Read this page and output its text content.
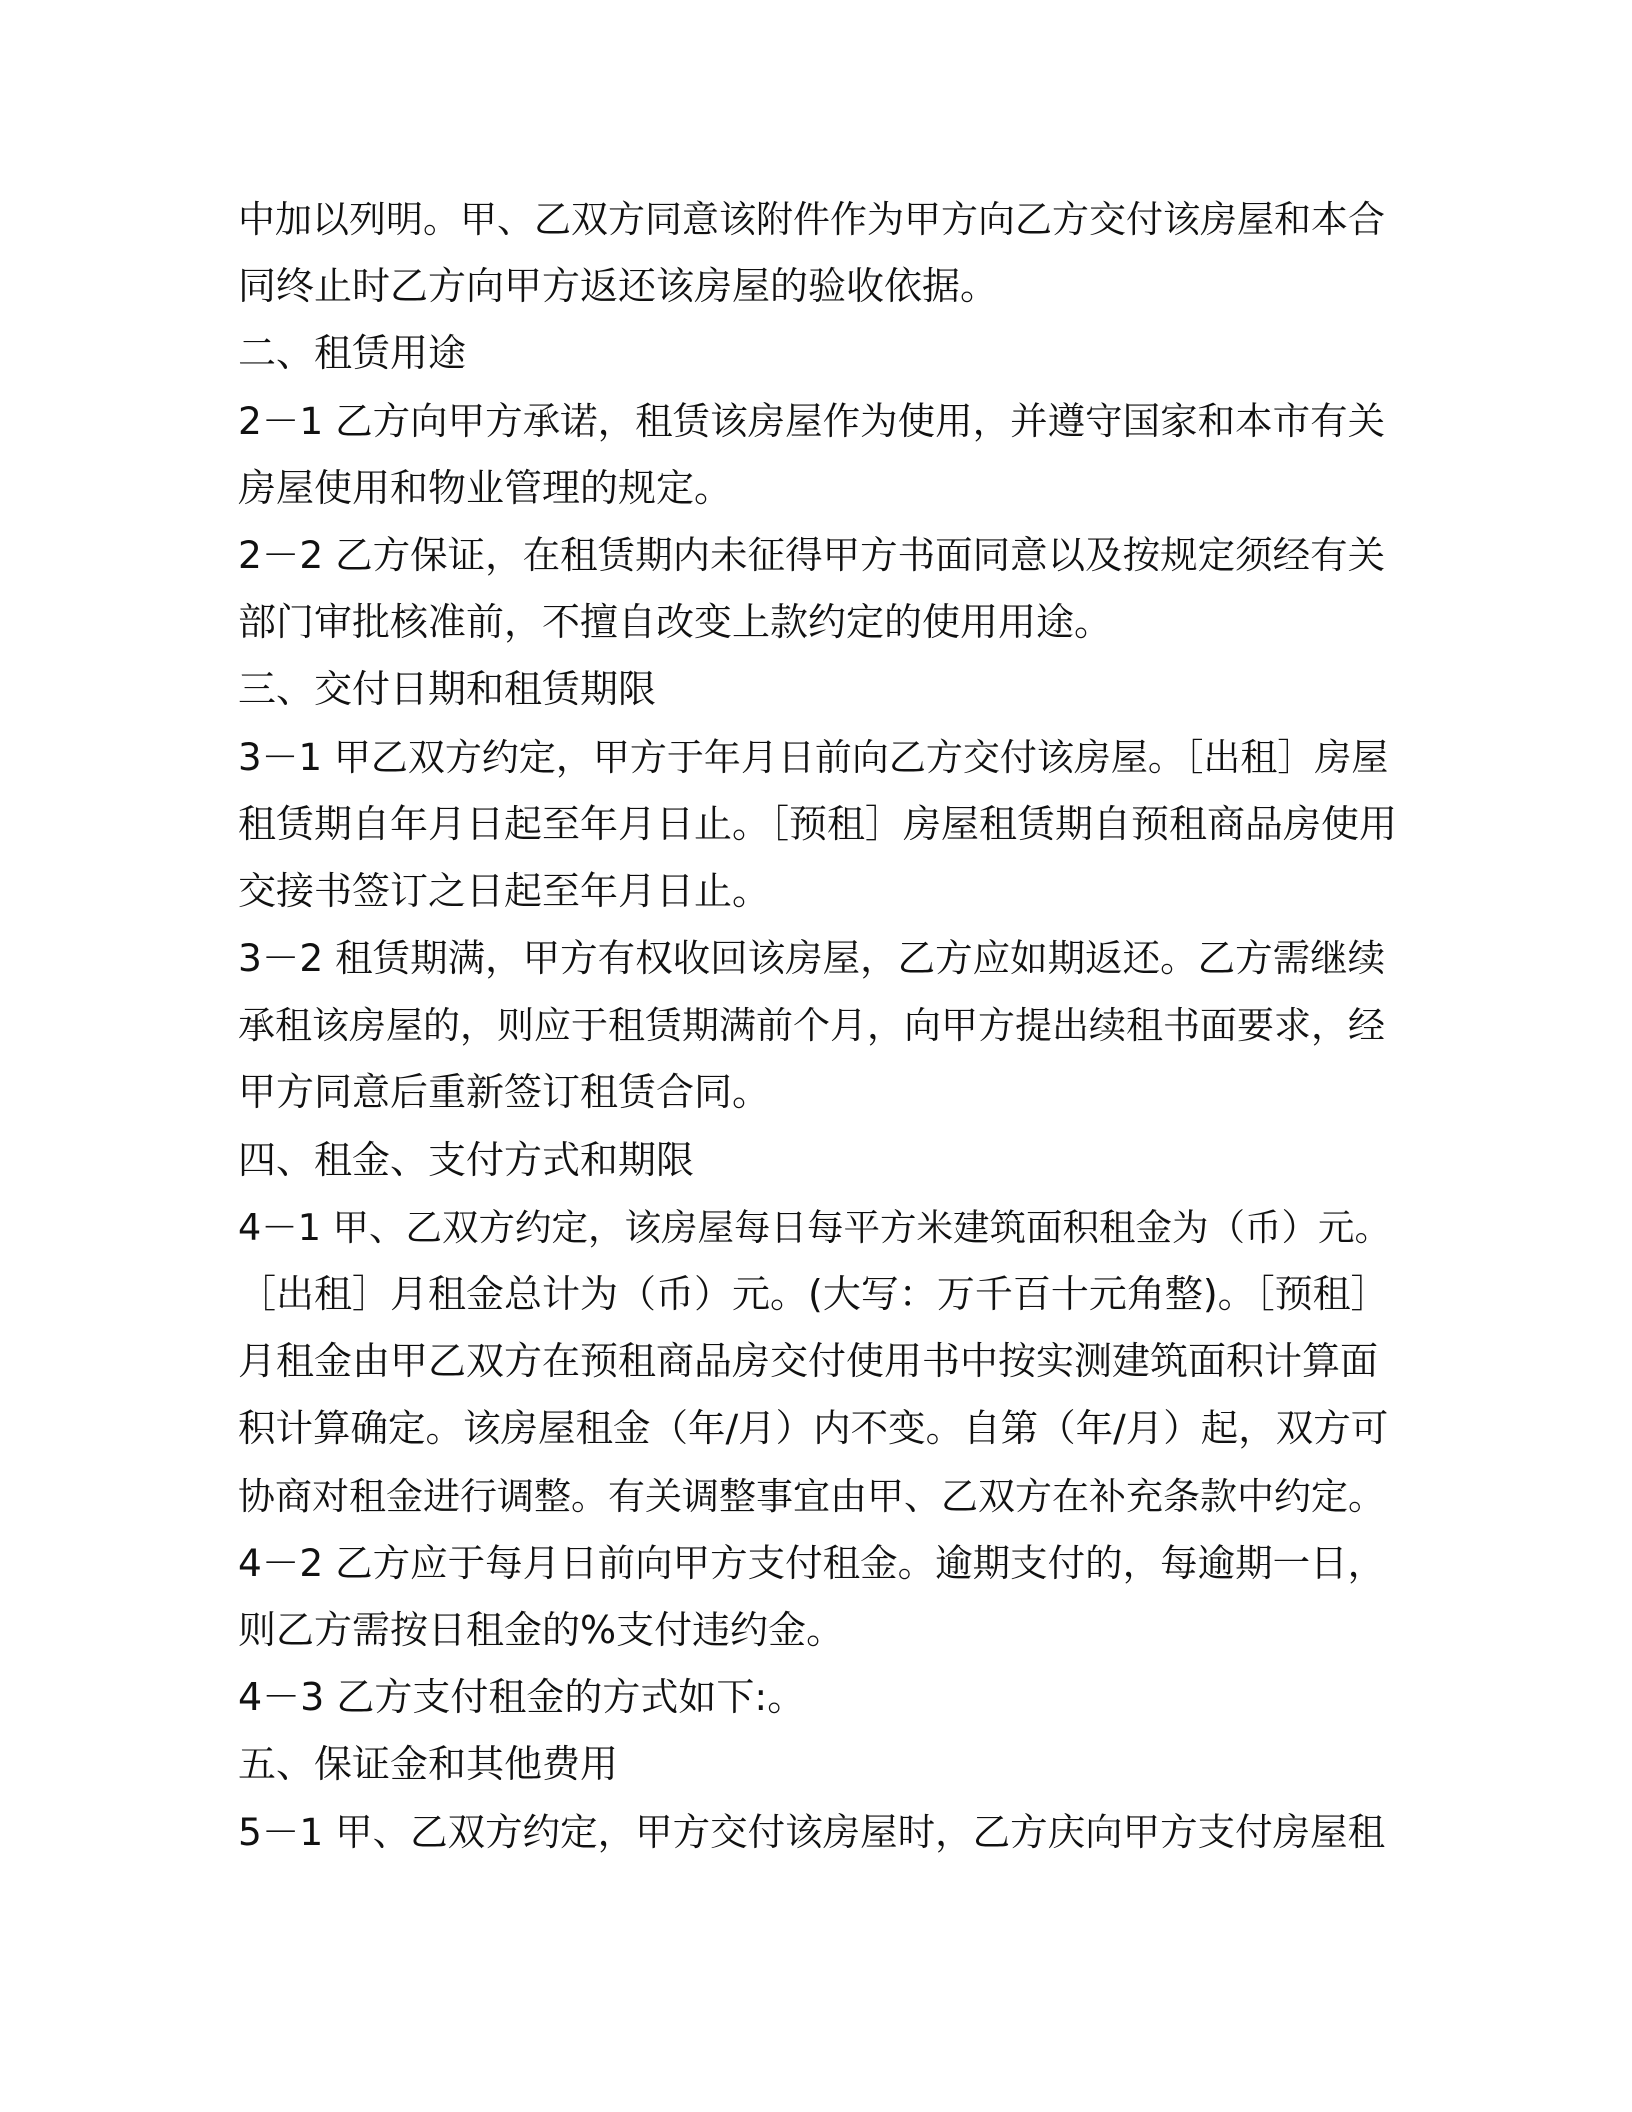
中加以列明。甲、乙双方同意该附件作为甲方向乙方交付该房屋和本合
同终止时乙方向甲方返还该房屋的验收依据。
二、租赁用途
2－1 乙方向甲方承诺，租赁该房屋作为使用，并遵守国家和本市有关
房屋使用和物业管理的规定。
2－2 乙方保证，在租赁期内未征得甲方书面同意以及按规定须经有关
部门审批核准前，不擅自改变上款约定的使用用途。
三、交付日期和租赁期限
3－1 甲乙双方约定，甲方于年月日前向乙方交付该房屋。［出租］房屋
租赁期自年月日起至年月日止。［预租］房屋租赁期自预租商品房使用
交接书签订之日起至年月日止。
3－2 租赁期满，甲方有权收回该房屋，乙方应如期返还。乙方需继续
承租该房屋的，则应于租赁期满前个月，向甲方提出续租书面要求，经
甲方同意后重新签订租赁合同。
四、租金、支付方式和期限
4－1 甲、乙双方约定，该房屋每日每平方米建筑面积租金为（币）元。
［出租］月租金总计为（币）元。(大写：万千百十元角整)。［预租］
月租金由甲乙双方在预租商品房交付使用书中按实测建筑面积计算面
积计算确定。该房屋租金（年/月）内不变。自第（年/月）起，双方可
协商对租金进行调整。有关调整事宜由甲、乙双方在补充条款中约定。
4－2 乙方应于每月日前向甲方支付租金。逾期支付的，每逾期一日，
则乙方需按日租金的%支付违约金。
4－3 乙方支付租金的方式如下:。
五、保证金和其他费用
5－1 甲、乙双方约定，甲方交付该房屋时，乙方庆向甲方支付房屋租
